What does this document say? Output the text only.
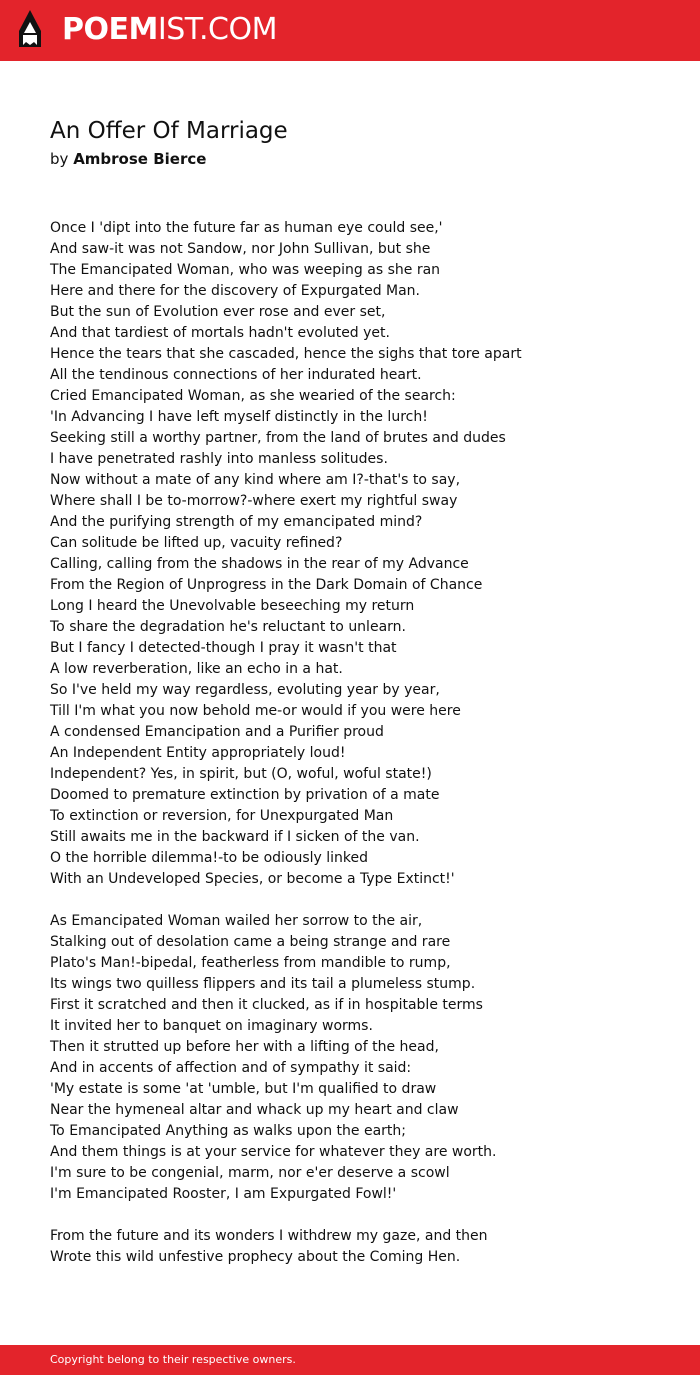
POEMIST.COM
An Offer Of Marriage
by Ambrose Bierce
Once I 'dipt into the future far as human eye could see,'
And saw-it was not Sandow, nor John Sullivan, but she
The Emancipated Woman, who was weeping as she ran
Here and there for the discovery of Expurgated Man.
But the sun of Evolution ever rose and ever set,
And that tardiest of mortals hadn't evoluted yet.
Hence the tears that she cascaded, hence the sighs that tore apart
All the tendinous connections of her indurated heart.
Cried Emancipated Woman, as she wearied of the search:
'In Advancing I have left myself distinctly in the lurch!
Seeking still a worthy partner, from the land of brutes and dudes
I have penetrated rashly into manless solitudes.
Now without a mate of any kind where am I?-that's to say,
Where shall I be to-morrow?-where exert my rightful sway
And the purifying strength of my emancipated mind?
Can solitude be lifted up, vacuity refined?
Calling, calling from the shadows in the rear of my Advance
From the Region of Unprogress in the Dark Domain of Chance
Long I heard the Unevolvable beseeching my return
To share the degradation he's reluctant to unlearn.
But I fancy I detected-though I pray it wasn't that
A low reverberation, like an echo in a hat.
So I've held my way regardless, evoluting year by year,
Till I'm what you now behold me-or would if you were here
A condensed Emancipation and a Purifier proud
An Independent Entity appropriately loud!
Independent? Yes, in spirit, but (O, woful, woful state!)
Doomed to premature extinction by privation of a mate
To extinction or reversion, for Unexpurgated Man
Still awaits me in the backward if I sicken of the van.
O the horrible dilemma!-to be odiously linked
With an Undeveloped Species, or become a Type Extinct!'
As Emancipated Woman wailed her sorrow to the air,
Stalking out of desolation came a being strange and rare
Plato's Man!-bipedal, featherless from mandible to rump,
Its wings two quilless flippers and its tail a plumeless stump.
First it scratched and then it clucked, as if in hospitable terms
It invited her to banquet on imaginary worms.
Then it strutted up before her with a lifting of the head,
And in accents of affection and of sympathy it said:
'My estate is some 'at 'umble, but I'm qualified to draw
Near the hymeneal altar and whack up my heart and claw
To Emancipated Anything as walks upon the earth;
And them things is at your service for whatever they are worth.
I'm sure to be congenial, marm, nor e'er deserve a scowl
I'm Emancipated Rooster, I am Expurgated Fowl!'
From the future and its wonders I withdrew my gaze, and then
Wrote this wild unfestive prophecy about the Coming Hen.
Copyright belong to their respective owners.
